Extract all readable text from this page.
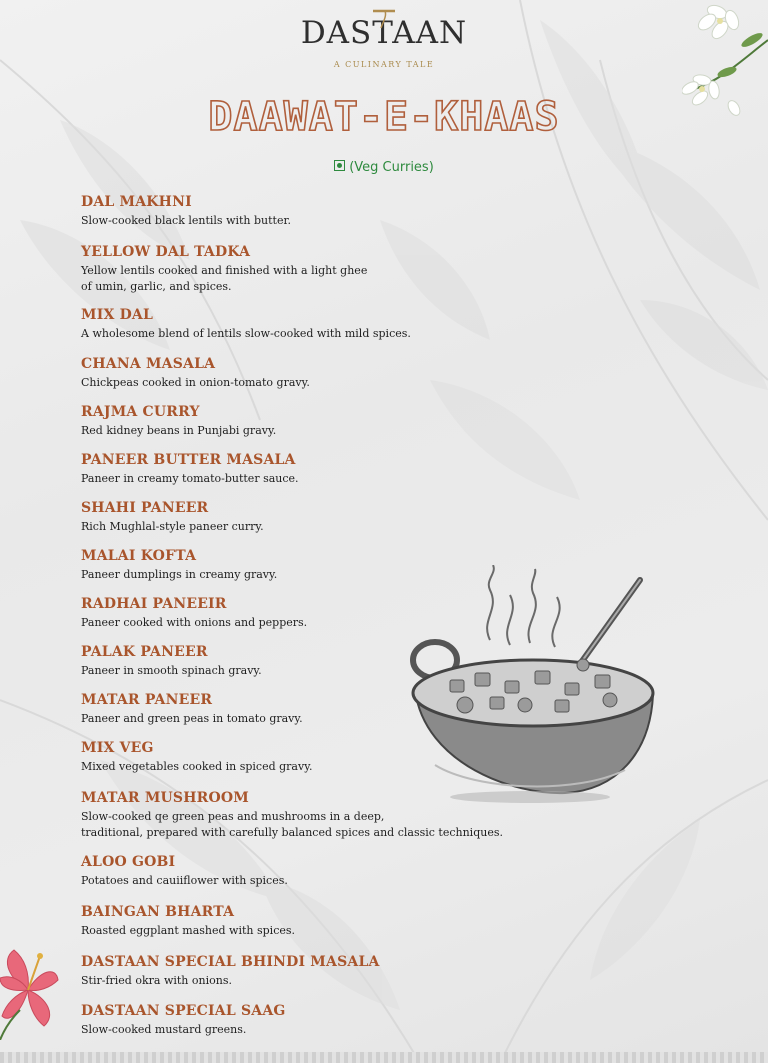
DASTAAN
A CULINARY TALE
DAAWAT-E-KHAAS
(Veg Curries)
DAL MAKHNI
Slow-cooked black lentils with butter.
YELLOW DAL TADKA
Yellow lentils cooked and finished with a light ghee
of umin, garlic, and spices.
MIX DAL
A wholesome blend of lentils slow-cooked with mild spices.
CHANA MASALA
Chickpeas cooked in onion-tomato gravy.
RAJMA CURRY
Red kidney beans in Punjabi gravy.
PANEER BUTTER MASALA
Paneer in creamy tomato-butter sauce.
SHAHI PANEER
Rich Mughlal-style paneer curry.
MALAI KOFTA
Paneer dumplings in creamy gravy.
RADHAI PANEEIR
Paneer cooked with onions and peppers.
PALAK PANEER
Paneer in smooth spinach gravy.
MATAR PANEER
Paneer and green peas in tomato gravy.
MIX VEG
Mixed vegetables cooked in spiced gravy.
MATAR MUSHROOM
Slow-cooked qe green peas and mushrooms in a deep,
traditional, prepared with carefully balanced spices and classic techniques.
ALOO GOBI
Potatoes and cauiiflower with spices.
BAINGAN BHARTA
Roasted eggplant mashed with spices.
DASTAAN SPECIAL BHINDI MASALA
Stir-fried okra with onions.
DASTAAN SPECIAL SAAG
Slow-cooked mustard greens.
